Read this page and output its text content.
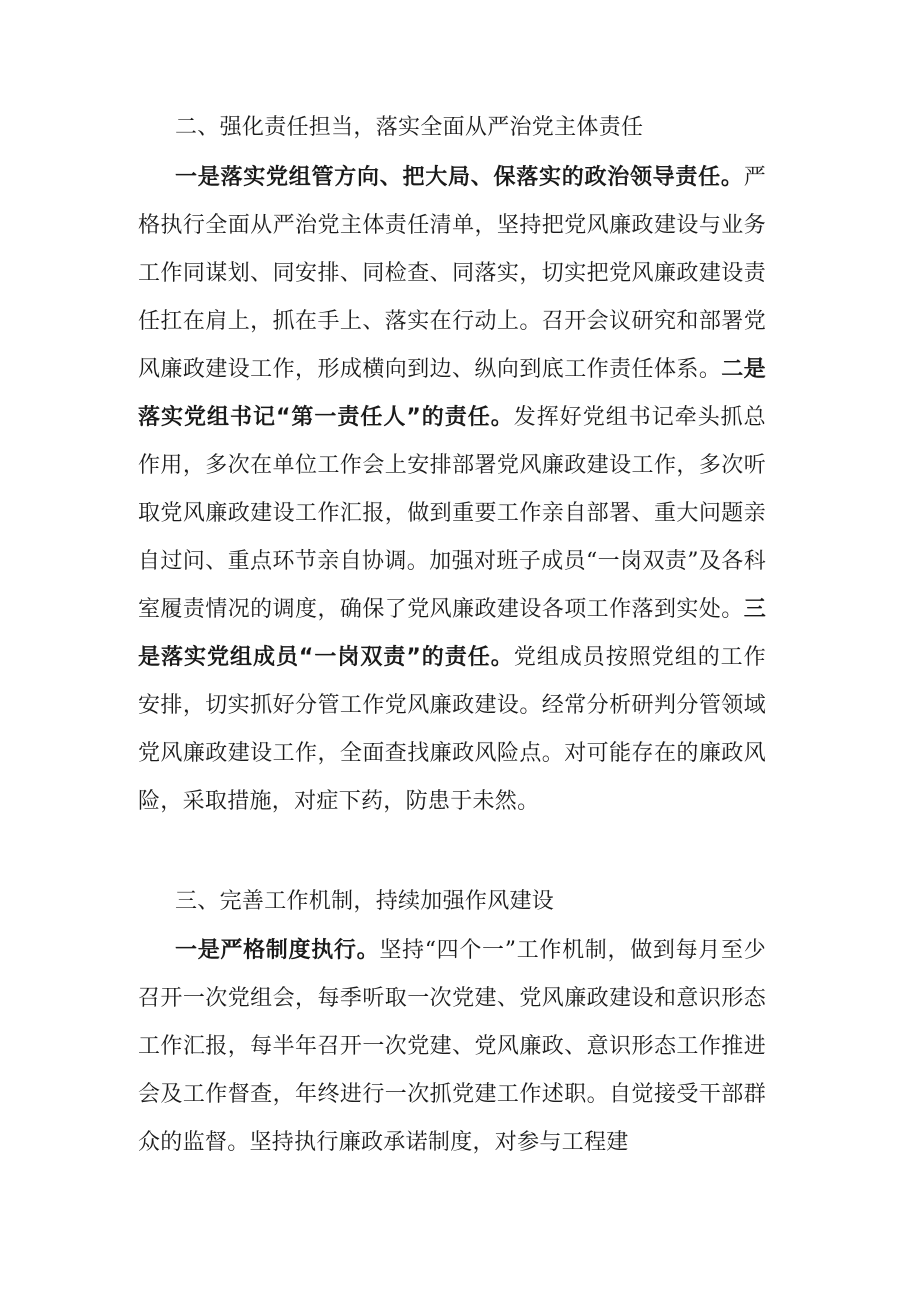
二、强化责任担当，落实全面从严治党主体责任
一是落实党组管方向、把大局、保落实的政治领导责任。严格执行全面从严治党主体责任清单，坚持把党风廉政建设与业务工作同谋划、同安排、同检查、同落实，切实把党风廉政建设责任扛在肩上，抓在手上、落实在行动上。召开会议研究和部署党风廉政建设工作，形成横向到边、纵向到底工作责任体系。二是落实党组书记“第一责任人”的责任。发挥好党组书记牵头抓总作用，多次在单位工作会上安排部署党风廉政建设工作，多次听取党风廉政建设工作汇报，做到重要工作亲自部署、重大问题亲自过问、重点环节亲自协调。加强对班子成员“一岗双责”及各科室履责情况的调度，确保了党风廉政建设各项工作落到实处。三是落实党组成员“一岗双责”的责任。党组成员按照党组的工作安排，切实抓好分管工作党风廉政建设。经常分析研判分管领域党风廉政建设工作，全面查找廉政风险点。对可能存在的廉政风险，采取措施，对症下药，防患于未然。
三、完善工作机制，持续加强作风建设
一是严格制度执行。坚持“四个一”工作机制，做到每月至少召开一次党组会，每季听取一次党建、党风廉政建设和意识形态工作汇报，每半年召开一次党建、党风廉政、意识形态工作推进会及工作督查，年终进行一次抓党建工作述职。自觉接受干部群众的监督。坚持执行廉政承诺制度，对参与工程建
